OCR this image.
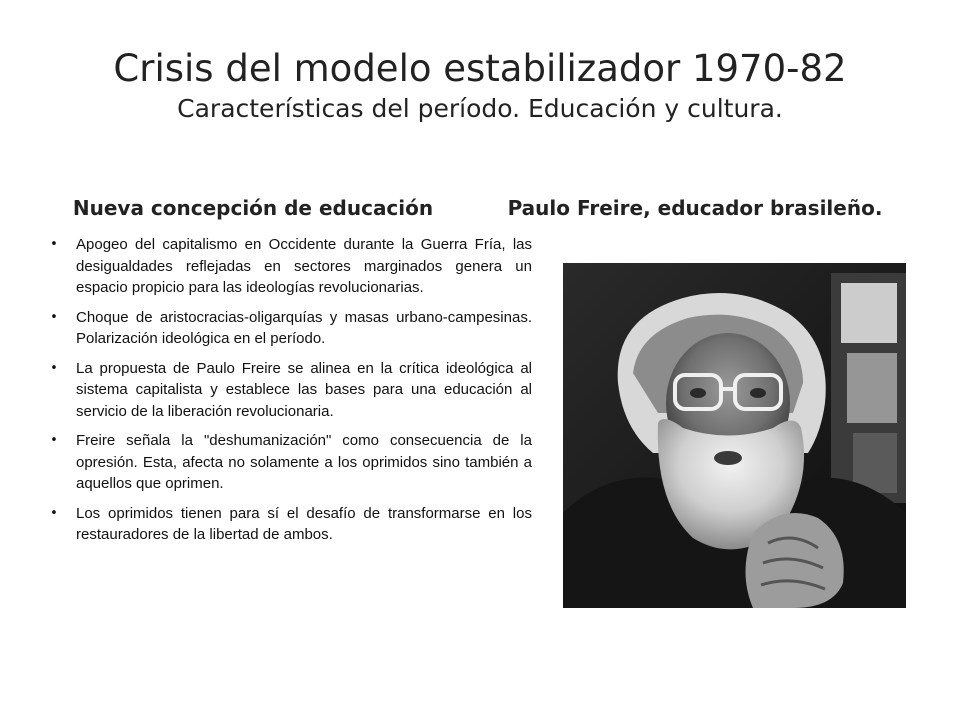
Crisis del modelo estabilizador 1970-82
Características del período. Educación y cultura.
Nueva concepción de educación	Paulo Freire, educador brasileño.
• Apogeo del capitalismo en Occidente durante la Guerra Fría, las desigualdades reflejadas en sectores marginados genera un espacio propicio para las ideologías revolucionarias.
• Choque de aristocracias-oligarquías y masas urbano-campesinas. Polarización ideológica en el período.
• La propuesta de Paulo Freire se alinea en la crítica ideológica al sistema capitalista y establece las bases para una educación al servicio de la liberación revolucionaria.
• Freire señala la "deshumanización" como consecuencia de la opresión. Esta, afecta no solamente a los oprimidos sino también a aquellos que oprimen.
• Los oprimidos tienen para sí el desafío de transformarse en los restauradores de la libertad de ambos.
